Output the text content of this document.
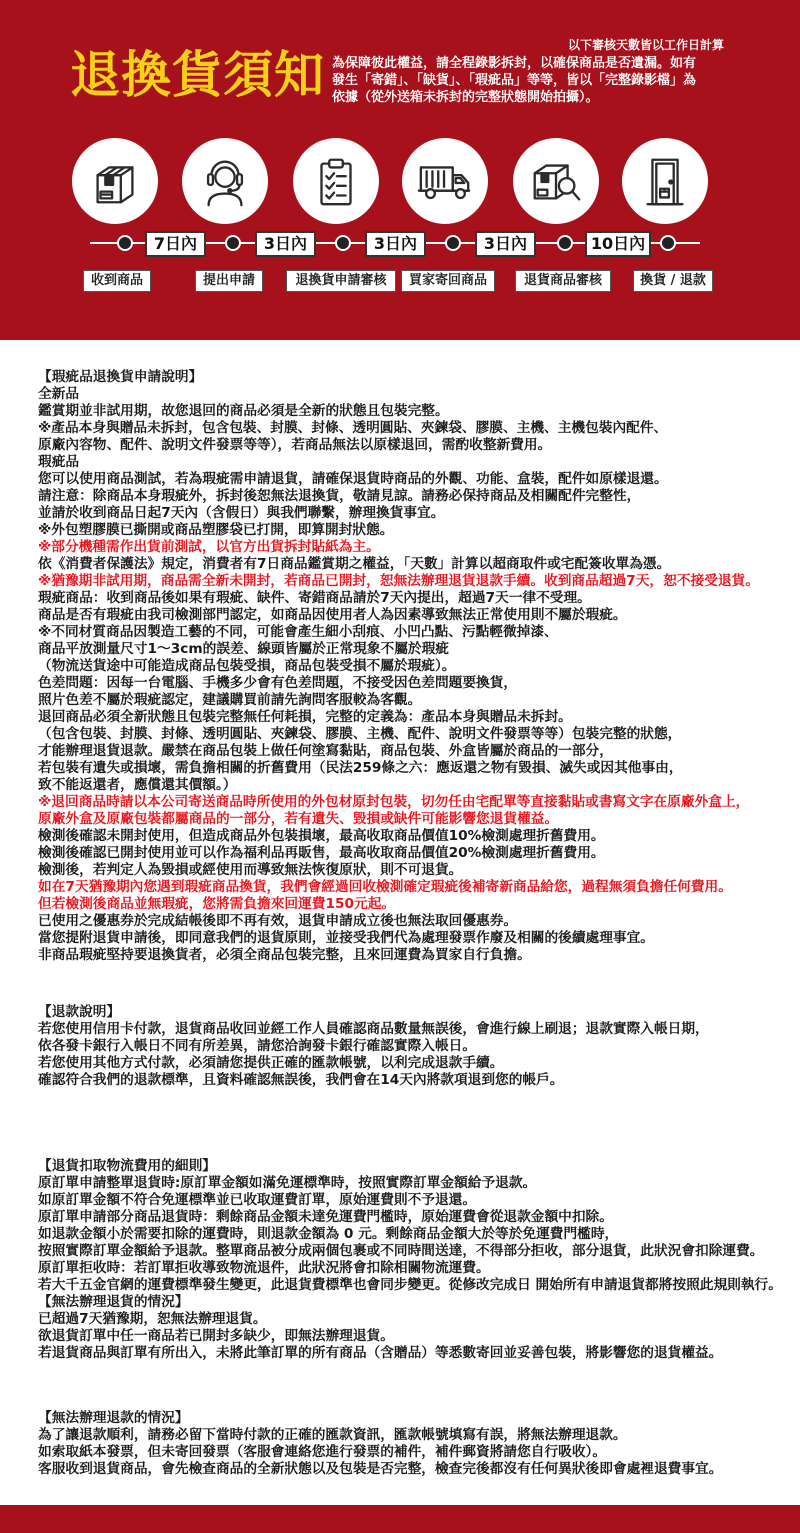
以下審核天數皆以工作日計算
退換貨須知 為保障彼此權益，請全程錄影拆封，以確保商品是否遺漏。如有
發生「寄錯」、「缺貨」、「瑕疵品」等等，皆以「完整錄影檔」為
依據（從外送箱未拆封的完整狀態開始拍攝）。
7日內	3日內	3日內	3日內	10日內
收到商品	提出申請	退換貨申請審核	買家寄回商品	退貨商品審核	換貨 / 退款
【瑕疵品退換貨申請說明】
全新品
鑑賞期並非試用期，故您退回的商品必須是全新的狀態且包裝完整。
※產品本身與贈品未拆封，包含包裝、封膜、封條、透明圓貼、夾鍊袋、膠膜、主機、主機包裝內配件、
原廠內容物、配件、說明文件發票等等），若商品無法以原樣退回，需酌收整新費用。
瑕疵品
您可以使用商品測試，若為瑕疵需申請退貨，請確保退貨時商品的外觀、功能、盒裝，配件如原樣退還。
請注意：除商品本身瑕疵外，拆封後恕無法退換貨，敬請見諒。請務必保持商品及相關配件完整性，
並請於收到商品日起7天內（含假日）與我們聯繫，辦理換貨事宜。
※外包塑膠膜已撕開或商品塑膠袋已打開，即算開封狀態。
※部分機種需作出貨前測試，以官方出貨拆封貼紙為主。
依《消費者保護法》規定，消費者有7日商品鑑賞期之權益，「天數」計算以超商取件或宅配簽收單為憑。
※猶豫期非試用期，商品需全新未開封，若商品已開封，恕無法辦理退貨退款手續。收到商品超過7天，恕不接受退貨。
瑕疵商品：收到商品後如果有瑕疵、缺件、寄錯商品請於7天內提出，超過7天一律不受理。
商品是否有瑕疵由我司檢測部門認定，如商品因使用者人為因素導致無法正常使用則不屬於瑕疵。
※不同材質商品因製造工藝的不同，可能會產生細小刮痕、小凹凸點、污點輕微掉漆、
商品平放測量尺寸1～3cm的誤差、線頭皆屬於正常現象不屬於瑕疵
（物流送貨途中可能造成商品包裝受損，商品包裝受損不屬於瑕疵）。
色差問題：因每一台電腦、手機多少會有色差問題，不接受因色差問題要換貨，
照片色差不屬於瑕疵認定，建議購買前請先詢問客服較為客觀。
退回商品必須全新狀態且包裝完整無任何耗損，完整的定義為：產品本身與贈品未拆封。
（包含包裝、封膜、封條、透明圓貼、夾鍊袋、膠膜、主機、配件、說明文件發票等等）包裝完整的狀態，
才能辦理退貨退款。嚴禁在商品包裝上做任何塗寫黏貼，商品包裝、外盒皆屬於商品的一部分，
若包裝有遺失或損壞，需負擔相關的折舊費用（民法259條之六：應返還之物有毀損、滅失或因其他事由，
致不能返還者，應償還其價額。）
※退回商品時請以本公司寄送商品時所使用的外包材原封包裝，切勿任由宅配單等直接黏貼或書寫文字在原廠外盒上，
原廠外盒及原廠包裝都屬商品的一部分，若有遺失、毀損或缺件可能影響您退貨權益。
檢測後確認未開封使用，但造成商品外包裝損壞，最高收取商品價值10%檢測處理折舊費用。
檢測後確認已開封使用並可以作為福利品再販售，最高收取商品價值20%檢測處理折舊費用。
檢測後，若判定人為毀損或經使用而導致無法恢復原狀，則不可退貨。
如在7天猶豫期內您遇到瑕疵商品換貨，我們會經過回收檢測確定瑕疵後補寄新商品給您，過程無須負擔任何費用。
但若檢測後商品並無瑕疵，您將需負擔來回運費150元起。
已使用之優惠券於完成結帳後即不再有效，退貨申請成立後也無法取回優惠券。
當您提附退貨申請後，即同意我們的退貨原則，並接受我們代為處理發票作廢及相關的後續處理事宜。
非商品瑕疵堅持要退換貨者，必須全商品包裝完整，且來回運費為買家自行負擔。
【退款說明】
若您使用信用卡付款，退貨商品收回並經工作人員確認商品數量無誤後，會進行線上刷退；退款實際入帳日期，
依各發卡銀行入帳日不同有所差異，請您洽詢發卡銀行確認實際入帳日。
若您使用其他方式付款，必須請您提供正確的匯款帳號，以利完成退款手續。
確認符合我們的退款標準，且資料確認無誤後，我們會在14天內將款項退到您的帳戶。
【退貨扣取物流費用的細則】
原訂單申請整單退貨時:原訂單金額如滿免運標準時，按照實際訂單金額給予退款。
如原訂單金額不符合免運標準並已收取運費訂單，原始運費則不予退還。
原訂單申請部分商品退貨時：剩餘商品金額未達免運費門檻時，原始運費會從退款金額中扣除。
如退款金額小於需要扣除的運費時，則退款金額為 0 元。剩餘商品金額大於等於免運費門檻時，
按照實際訂單金額給予退款。整單商品被分成兩個包裹或不同時間送達，不得部分拒收，部分退貨，此狀況會扣除運費。
原訂單拒收時：若訂單拒收導致物流退件，此狀況將會扣除相關物流運費。
若大千五金官網的運費標準發生變更，此退貨費標準也會同步變更。從修改完成日 開始所有申請退貨都將按照此規則執行。
【無法辦理退貨的情況】
已超過7天猶豫期，恕無法辦理退貨。
欲退貨訂單中任一商品若已開封多缺少，即無法辦理退貨。
若退貨商品與訂單有所出入，未將此筆訂單的所有商品（含贈品）等悉數寄回並妥善包裝，將影響您的退貨權益。
【無法辦理退款的情況】
為了讓退款順利，請務必留下當時付款的正確的匯款資訊，匯款帳號填寫有誤，將無法辦理退款。
如索取紙本發票，但未寄回發票（客服會連絡您進行發票的補件，補件郵資將請您自行吸收）。
客服收到退貨商品，會先檢查商品的全新狀態以及包裝是否完整，檢查完後都沒有任何異狀後即會處裡退費事宜。
